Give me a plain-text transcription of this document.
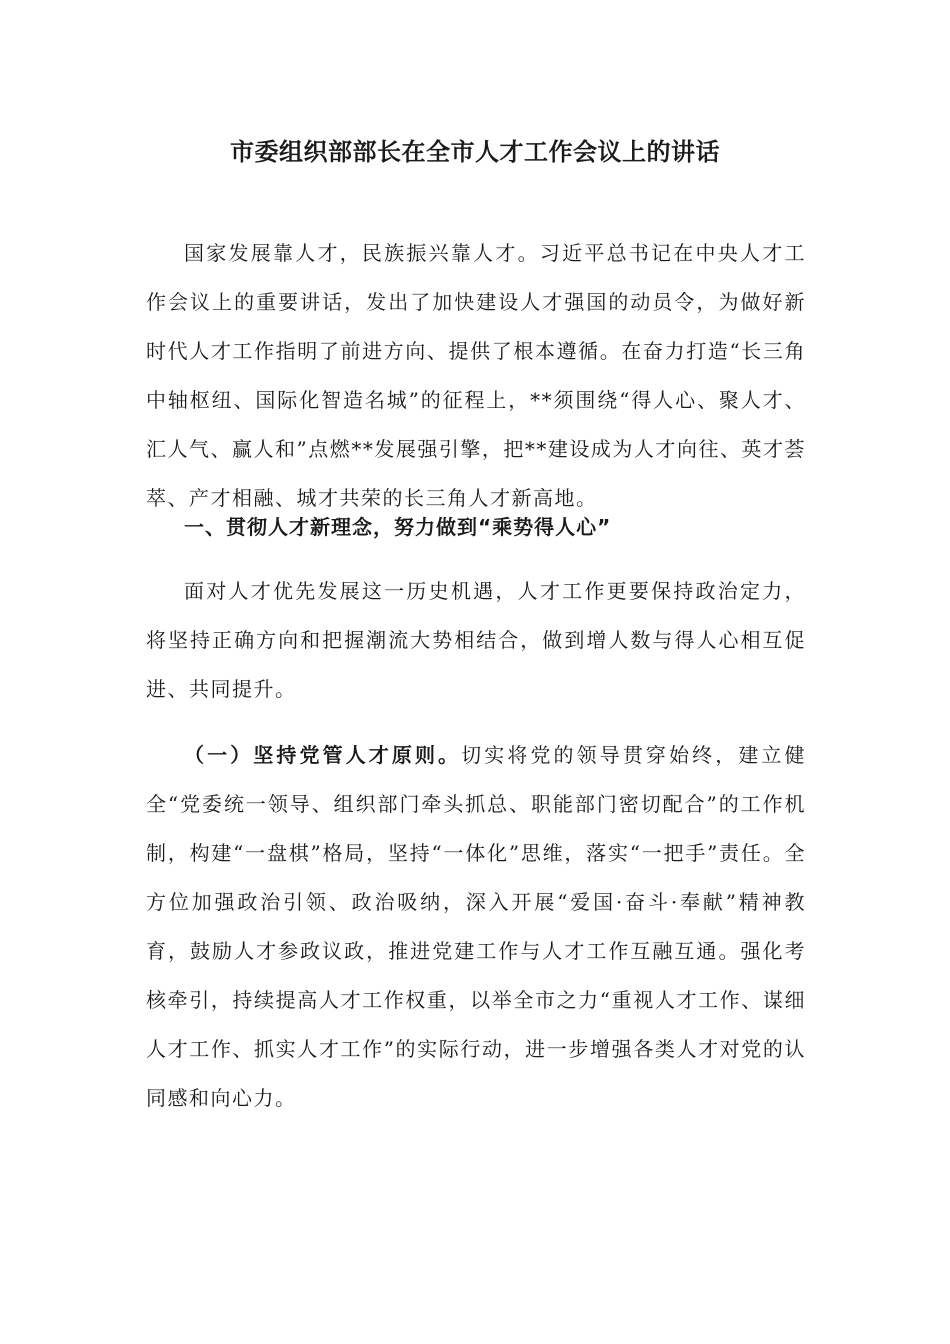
市委组织部部长在全市人才工作会议上的讲话

国家发展靠人才，民族振兴靠人才。习近平总书记在中央人才工作会议上的重要讲话，发出了加快建设人才强国的动员令，为做好新时代人才工作指明了前进方向、提供了根本遵循。在奋力打造“长三角中轴枢纽、国际化智造名城”的征程上，**须围绕“得人心、聚人才、汇人气、赢人和”点燃**发展强引擎，把**建设成为人才向往、英才荟萃、产才相融、城才共荣的长三角人才新高地。

一、贯彻人才新理念，努力做到“乘势得人心”

面对人才优先发展这一历史机遇，人才工作更要保持政治定力，将坚持正确方向和把握潮流大势相结合，做到增人数与得人心相互促进、共同提升。

（一）坚持党管人才原则。切实将党的领导贯穿始终，建立健全“党委统一领导、组织部门牵头抓总、职能部门密切配合”的工作机制，构建“一盘棋”格局，坚持“一体化”思维，落实“一把手”责任。全方位加强政治引领、政治吸纳，深入开展“爱国·奋斗·奉献”精神教育，鼓励人才参政议政，推进党建工作与人才工作互融互通。强化考核牵引，持续提高人才工作权重，以举全市之力“重视人才工作、谋细人才工作、抓实人才工作”的实际行动，进一步增强各类人才对党的认同感和向心力。
